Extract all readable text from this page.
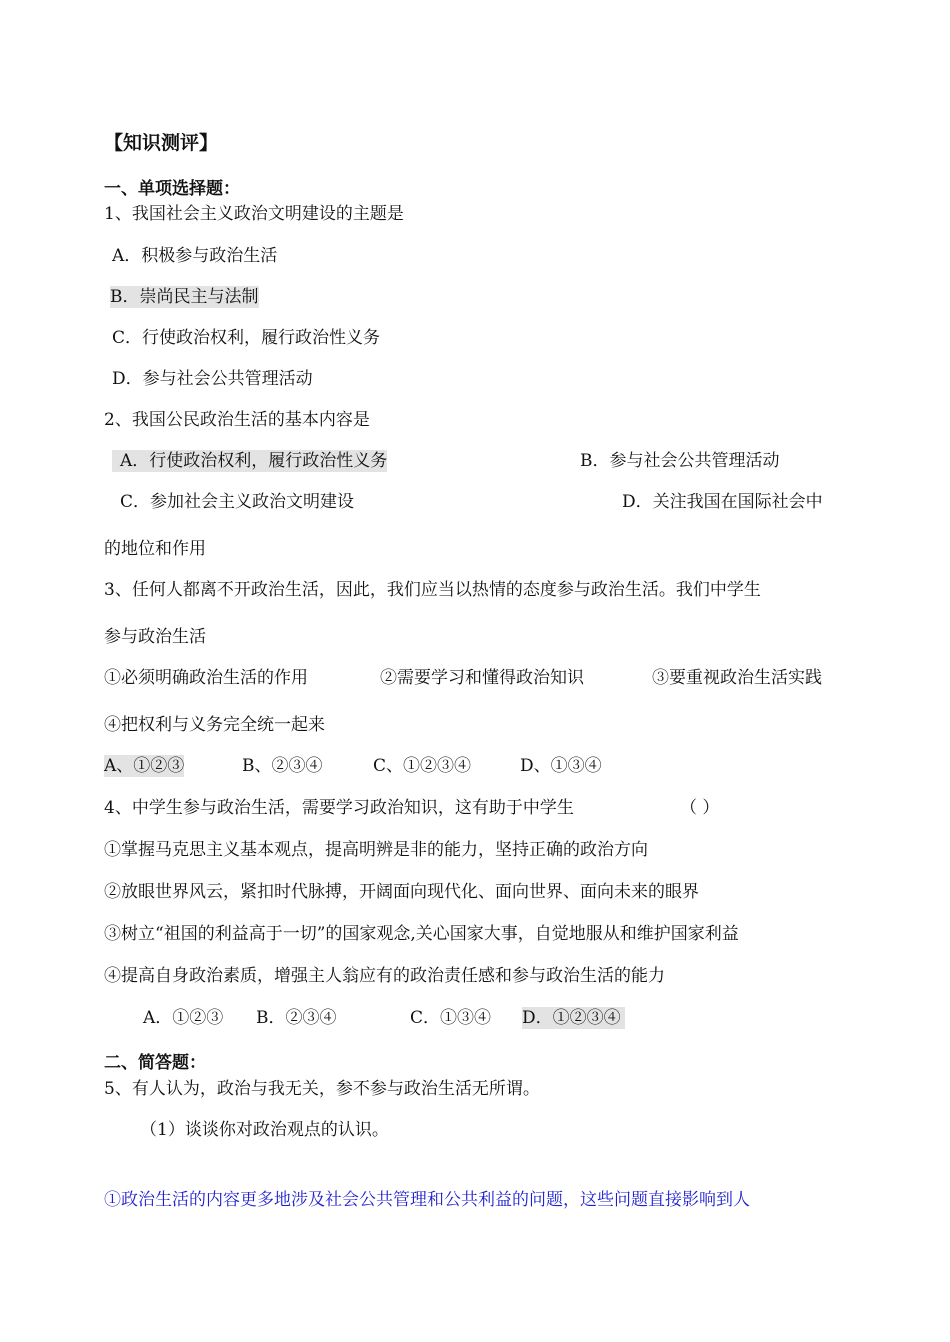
【知识测评】
一、单项选择题：
1、我国社会主义政治文明建设的主题是
A．积极参与政治生活
B．崇尚民主与法制
C．行使政治权利，履行政治性义务
D．参与社会公共管理活动
2、我国公民政治生活的基本内容是
A．行使政治权利，履行政治性义务	B．参与社会公共管理活动
C．参加社会主义政治文明建设	D．关注我国在国际社会中
的地位和作用
3、任何人都离不开政治生活，因此，我们应当以热情的态度参与政治生活。我们中学生
参与政治生活
①必须明确政治生活的作用	②需要学习和懂得政治知识	③要重视政治生活实践
④把权利与义务完全统一起来
A、①②③	B、②③④	C、①②③④	D、①③④
4、中学生参与政治生活，需要学习政治知识，这有助于中学生	（ ）
①掌握马克思主义基本观点，提高明辨是非的能力，坚持正确的政治方向
②放眼世界风云，紧扣时代脉搏，开阔面向现代化、面向世界、面向未来的眼界
③树立“祖国的利益高于一切”的国家观念,关心国家大事，自觉地服从和维护国家利益
④提高自身政治素质，增强主人翁应有的政治责任感和参与政治生活的能力
A．①②③ B．②③④	C．①③④ D．①②③④
二、简答题：
5、有人认为，政治与我无关，参不参与政治生活无所谓。
（1）谈谈你对政治观点的认识。
①政治生活的内容更多地涉及社会公共管理和公共利益的问题，这些问题直接影响到人
